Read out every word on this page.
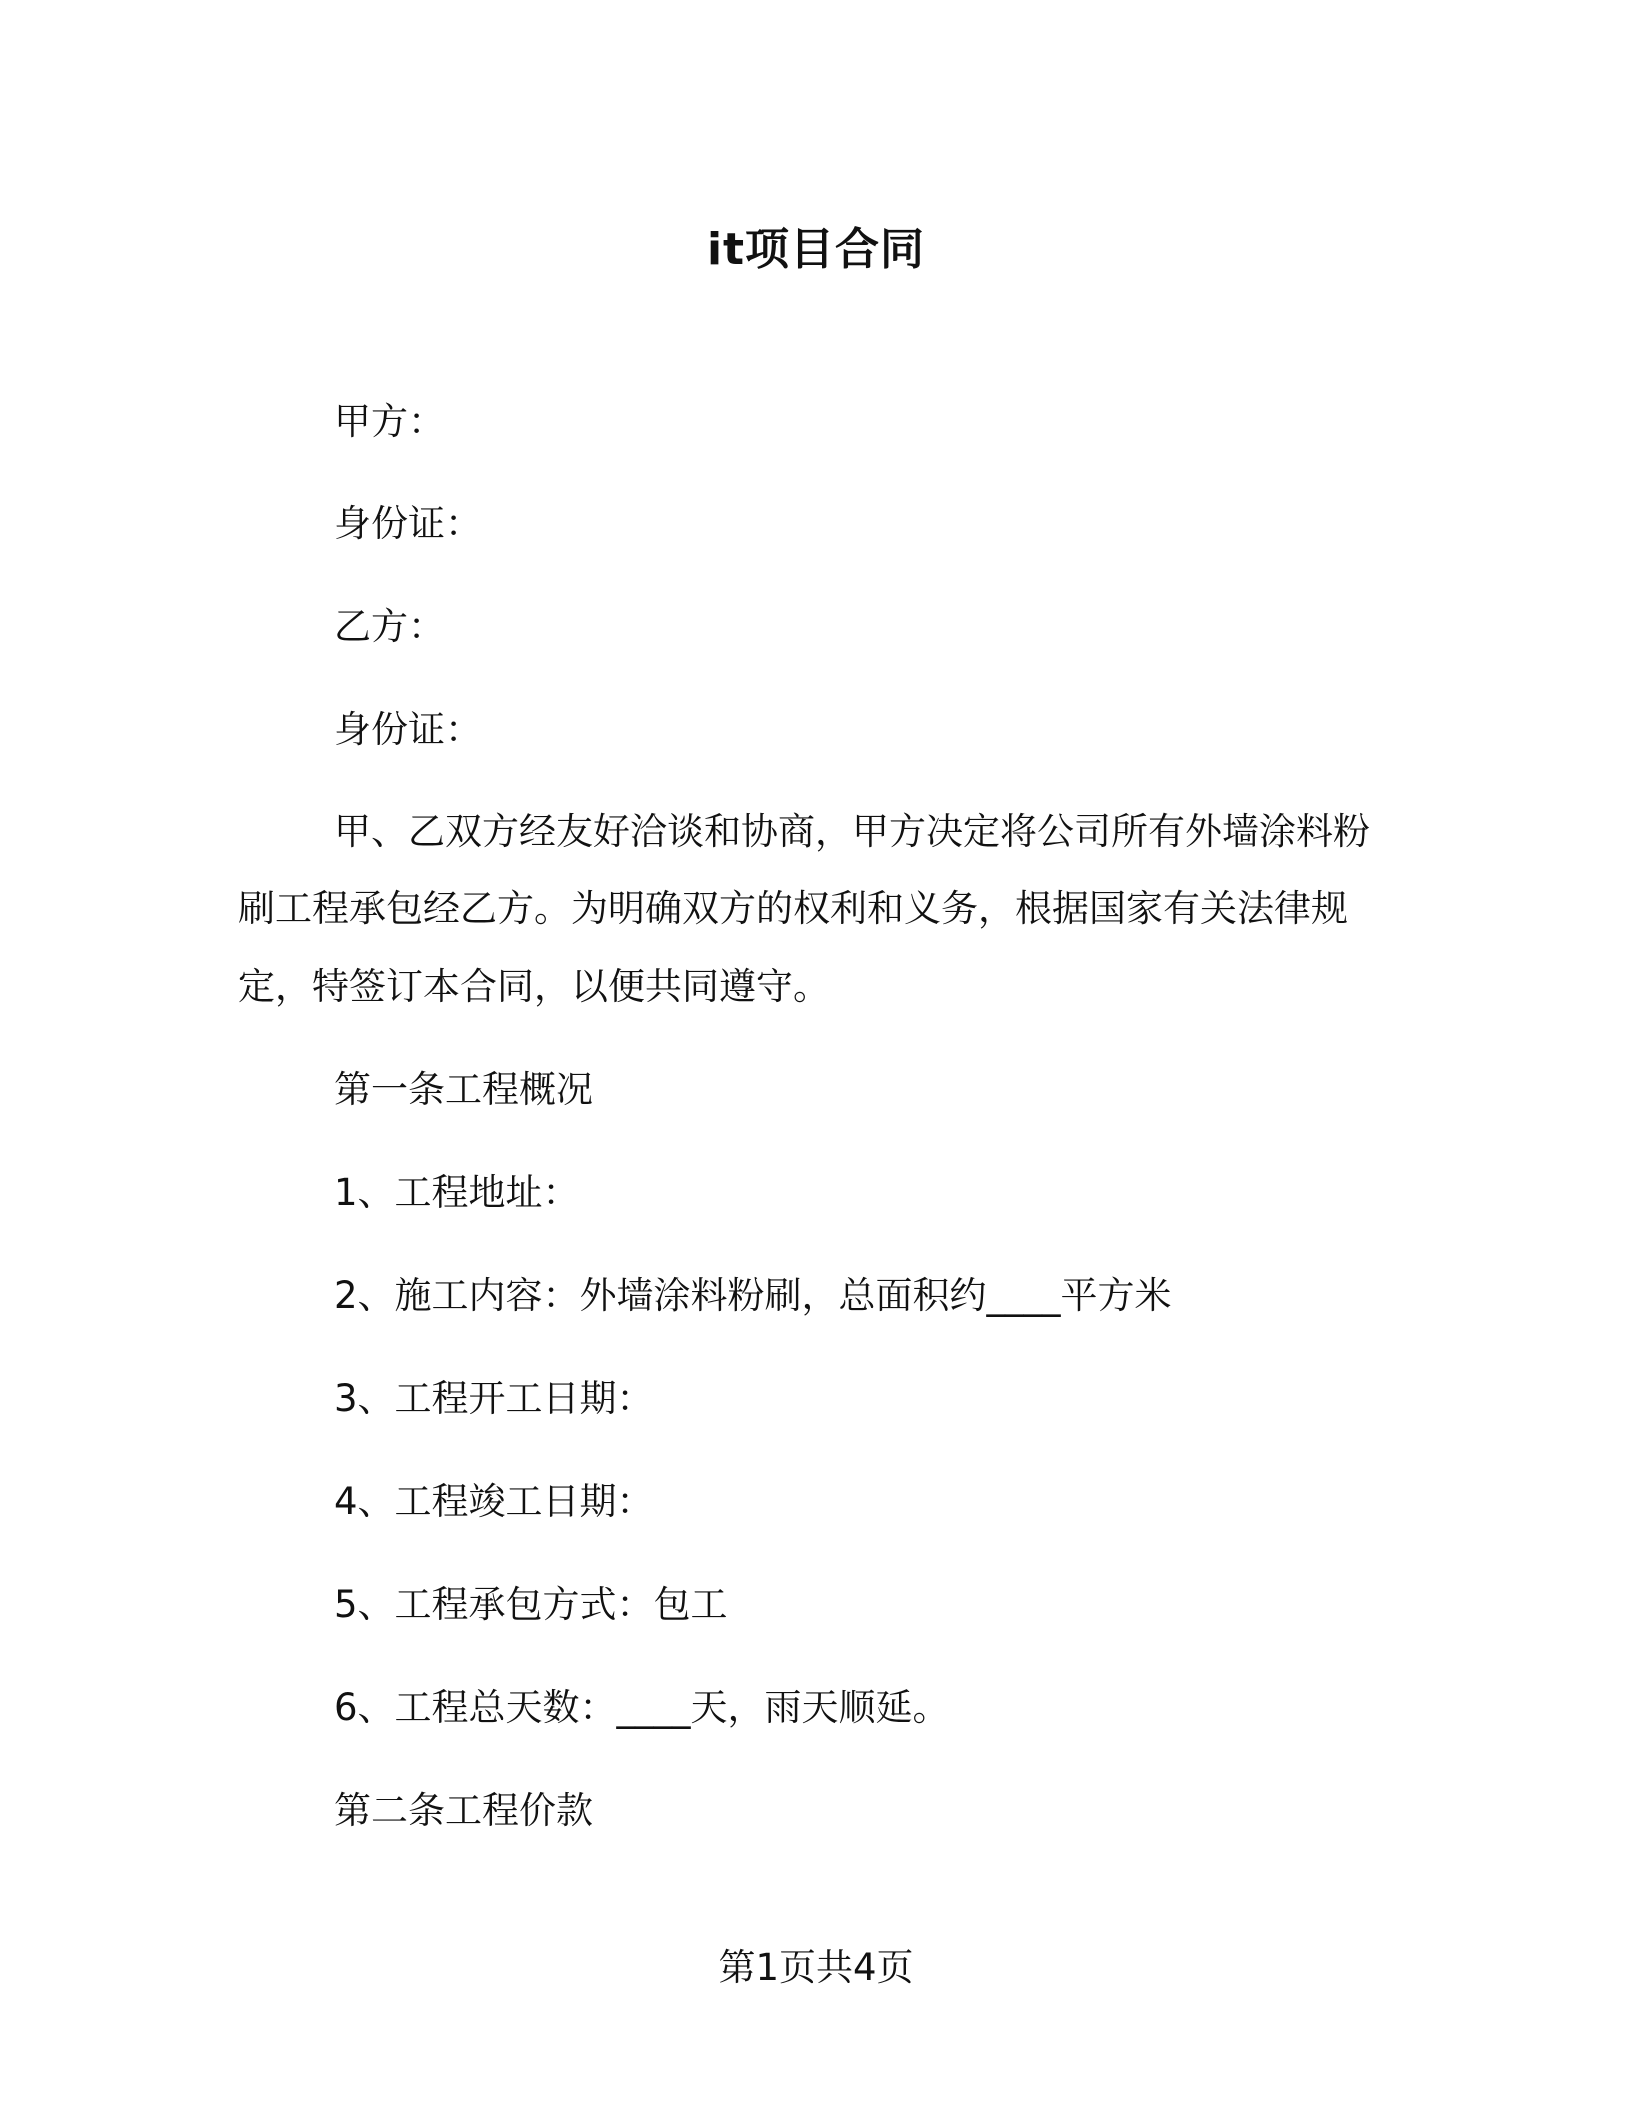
it项目合同
甲方：
身份证：
乙方：
身份证：
甲、乙双方经友好洽谈和协商，甲方决定将公司所有外墙涂料粉
刷工程承包经乙方。为明确双方的权利和义务，根据国家有关法律规
定，特签订本合同，以便共同遵守。
第一条工程概况
1、工程地址：
2、施工内容：外墙涂料粉刷，总面积约____平方米
3、工程开工日期：
4、工程竣工日期：
5、工程承包方式：包工
6、工程总天数：____天，雨天顺延。
第二条工程价款
第1页共4页
